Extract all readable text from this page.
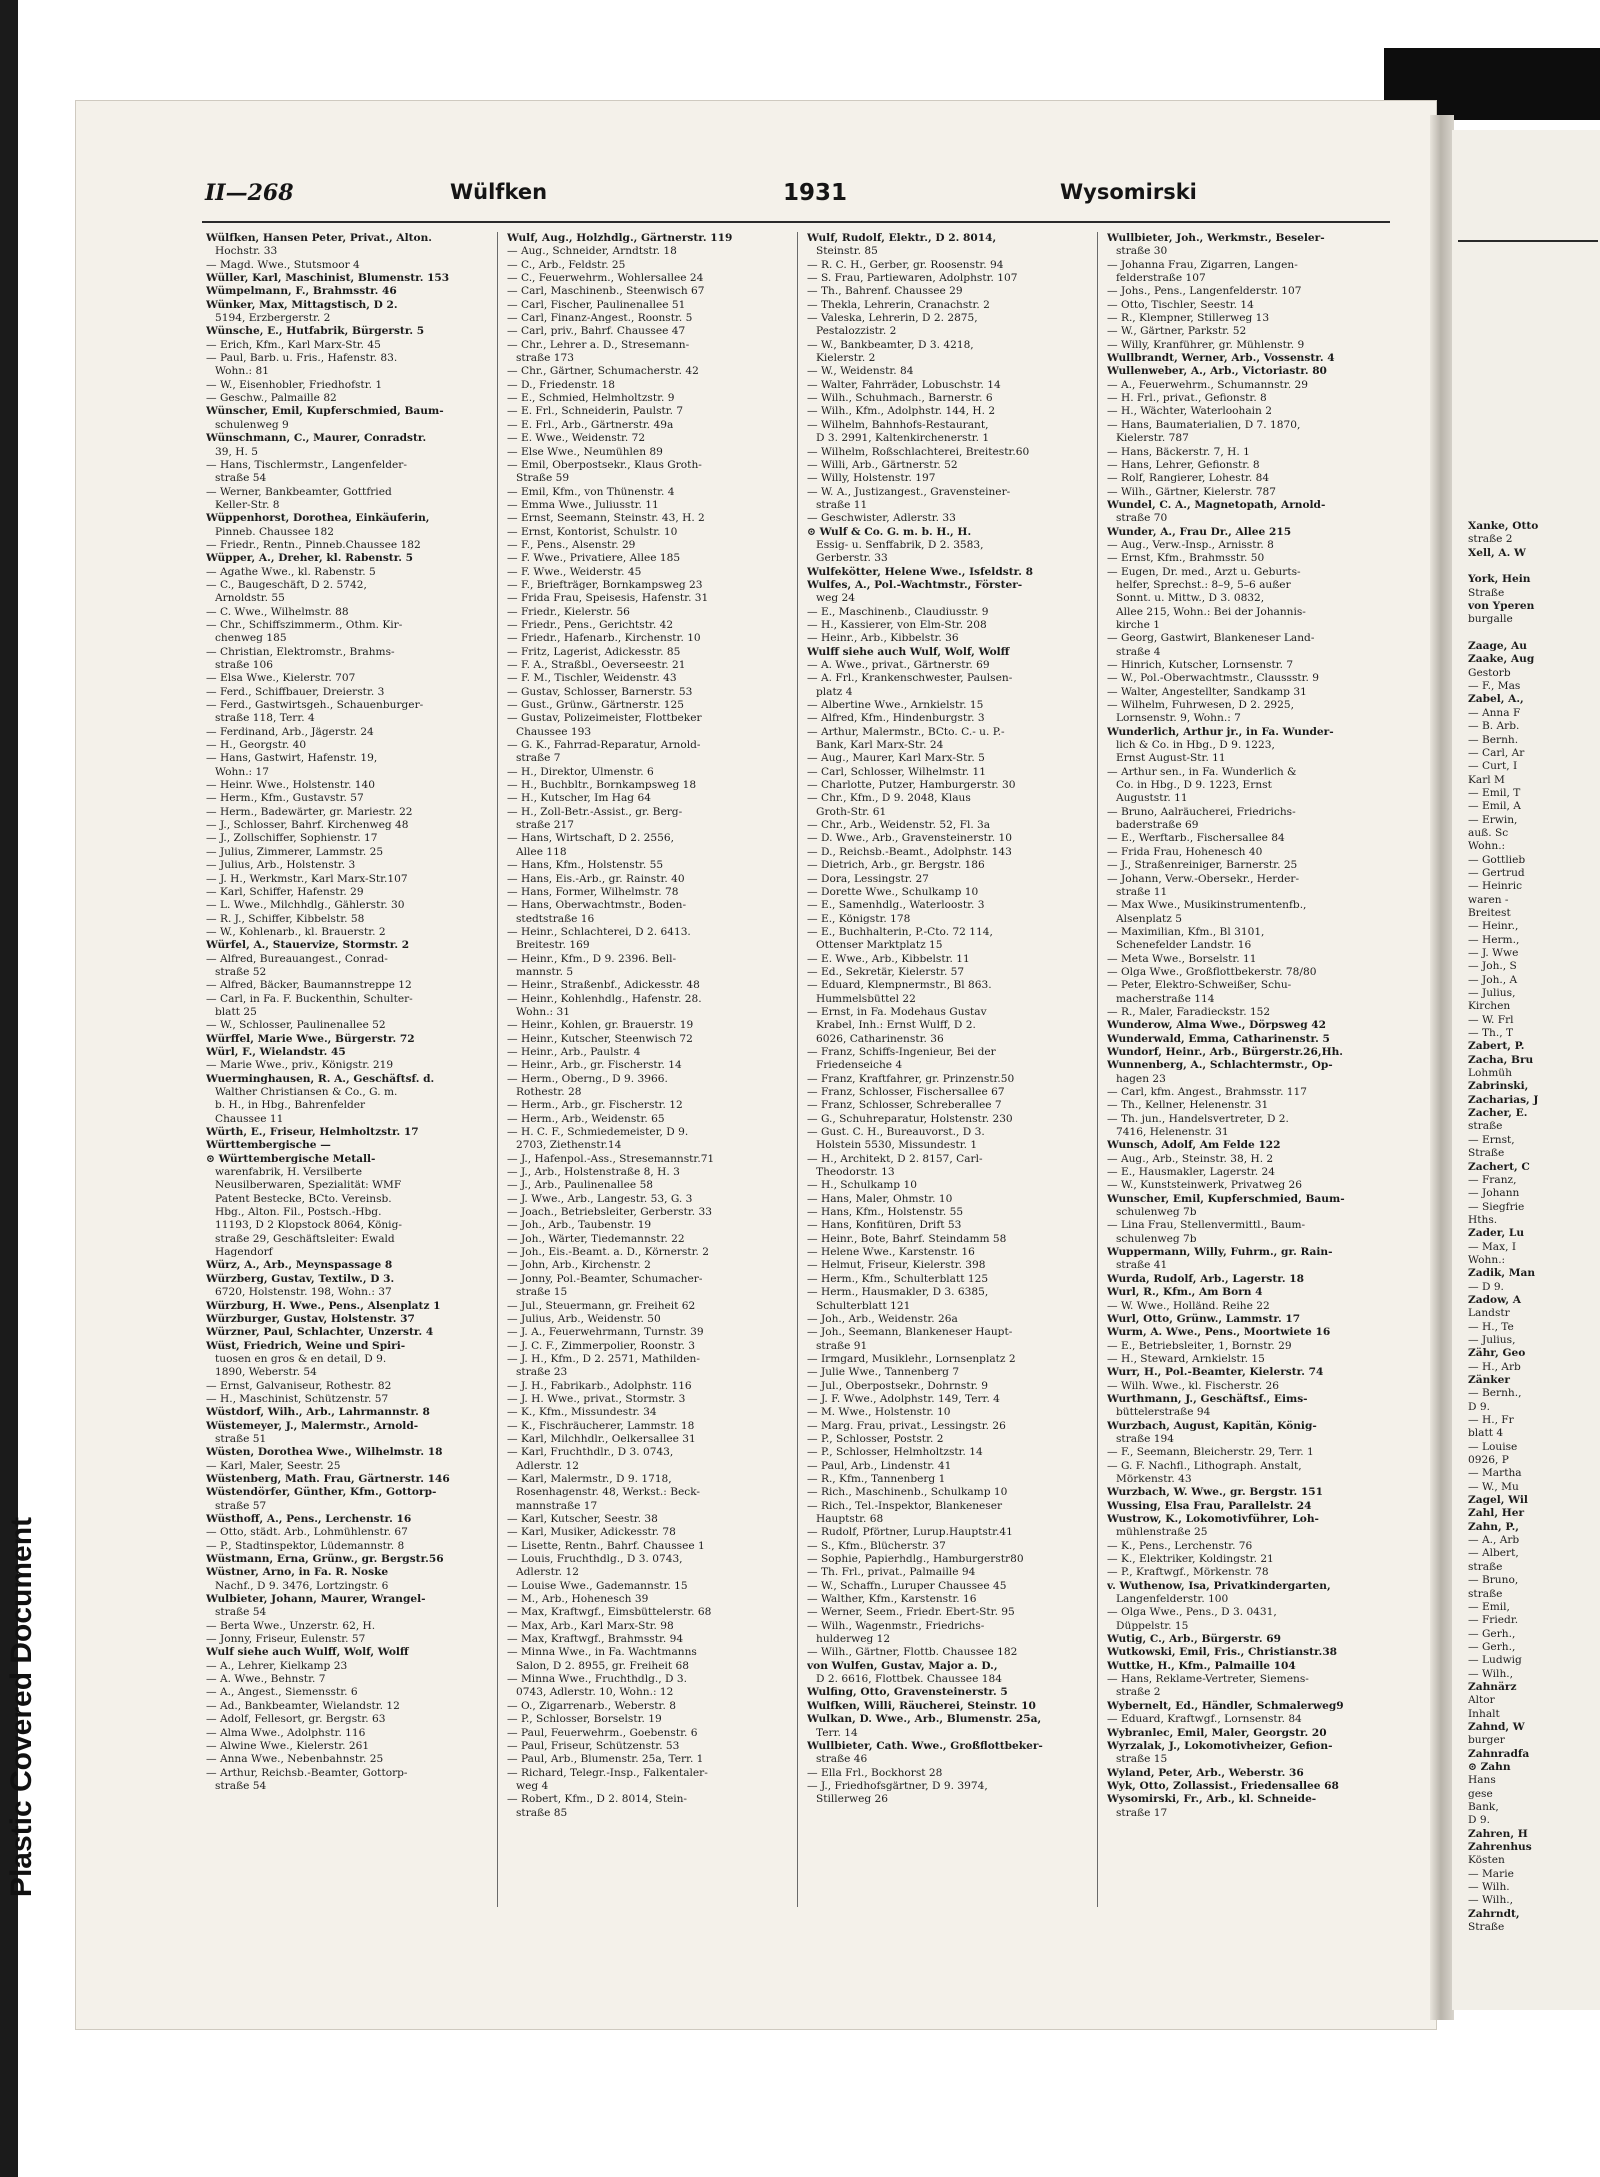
Plastic Covered Document
Xanke, Otto
straße 2
Xell, A. W

York, Hein
Straße
von Yperen
burgalle

Zaage, Au
Zaake, Aug
Gestorb
— F., Mas
Zabel, A.,
— Anna F
— B. Arb.
— Bernh.
— Carl, Ar
— Curt, I
Karl M
— Emil, T
— Emil, A
— Erwin,
auß. Sc
Wohn.:
— Gottlieb
— Gertrud
— Heinric
waren -
Breitest
— Heinr.,
— Herm.,
— J. Wwe
— Joh., S
— Joh., A
— Julius,
Kirchen
— W. Frl
— Th., T
Zabert, P.
Zacha, Bru
Lohmüh
Zabrinski,
Zacharias, J
Zacher, E.
straße
— Ernst,
Straße
Zachert, C
— Franz,
— Johann
— Siegfrie
Hths.
Zader, Lu
— Max, I
Wohn.:
Zadik, Man
— D 9.
Zadow, A
Landstr
— H., Te
— Julius,
Zähr, Geo
— H., Arb
Zänker
— Bernh.,
D 9.
— H., Fr
blatt 4
— Louise
0926, P
— Martha
— W., Mu
Zagel, Wil
Zahl, Her
Zahn, P.,
— A., Arb
— Albert,
straße
— Bruno,
straße
— Emil,
— Friedr.
— Gerh.,
— Gerh.,
— Ludwig
— Wilh.,
Zahnärz
Altor
Inhalt
Zahnd, W
burger
Zahnradfa
⊙ Zahn
Hans
gese
Bank,
D 9.
Zahren, H
Zahrenhus
Kösten
— Marie
— Wilh.
— Wilh.,
Zahrndt,
Straße
II—268	Wülfken	1931	Wysomirski
Wülfken, Hansen Peter, Privat., Alton.
Hochstr. 33
— Magd. Wwe., Stutsmoor 4
Wüller, Karl, Maschinist, Blumenstr. 153
Wümpelmann, F., Brahmsstr. 46
Wünker, Max, Mittagstisch, D 2.
5194, Erzbergerstr. 2
Wünsche, E., Hutfabrik, Bürgerstr. 5
— Erich, Kfm., Karl Marx-Str. 45
— Paul, Barb. u. Fris., Hafenstr. 83.
Wohn.: 81
— W., Eisenhobler, Friedhofstr. 1
— Geschw., Palmaille 82
Wünscher, Emil, Kupferschmied, Baum-
schulenweg 9
Wünschmann, C., Maurer, Conradstr.
39, H. 5
— Hans, Tischlermstr., Langenfelder-
straße 54
— Werner, Bankbeamter, Gottfried
Keller-Str. 8
Wüppenhorst, Dorothea, Einkäuferin,
Pinneb. Chaussee 182
— Friedr., Rentn., Pinneb.Chaussee 182
Wüpper, A., Dreher, kl. Rabenstr. 5
— Agathe Wwe., kl. Rabenstr. 5
— C., Baugeschäft, D 2. 5742,
Arnoldstr. 55
— C. Wwe., Wilhelmstr. 88
— Chr., Schiffszimmerm., Othm. Kir-
chenweg 185
— Christian, Elektromstr., Brahms-
straße 106
— Elsa Wwe., Kielerstr. 707
— Ferd., Schiffbauer, Dreierstr. 3
— Ferd., Gastwirtsgeh., Schauenburger-
straße 118, Terr. 4
— Ferdinand, Arb., Jägerstr. 24
— H., Georgstr. 40
— Hans, Gastwirt, Hafenstr. 19,
Wohn.: 17
— Heinr. Wwe., Holstenstr. 140
— Herm., Kfm., Gustavstr. 57
— Herm., Badewärter, gr. Mariestr. 22
— J., Schlosser, Bahrf. Kirchenweg 48
— J., Zollschiffer, Sophienstr. 17
— Julius, Zimmerer, Lammstr. 25
— Julius, Arb., Holstenstr. 3
— J. H., Werkmstr., Karl Marx-Str.107
— Karl, Schiffer, Hafenstr. 29
— L. Wwe., Milchhdlg., Gählerstr. 30
— R. J., Schiffer, Kibbelstr. 58
— W., Kohlenarb., kl. Brauerstr. 2
Würfel, A., Stauervize, Stormstr. 2
— Alfred, Bureauangest., Conrad-
straße 52
— Alfred, Bäcker, Baumannstreppe 12
— Carl, in Fa. F. Buckenthin, Schulter-
blatt 25
— W., Schlosser, Paulinenallee 52
Würffel, Marie Wwe., Bürgerstr. 72
Würl, F., Wielandstr. 45
— Marie Wwe., priv., Königstr. 219
Wuerminghausen, R. A., Geschäftsf. d.
Walther Christiansen & Co., G. m.
b. H., in Hbg., Bahrenfelder
Chaussee 11
Würth, E., Friseur, Helmholtzstr. 17
Württembergische —
⊙ Württembergische Metall-
warenfabrik, H. Versilberte
Neusilberwaren, Spezialität: WMF
Patent Bestecke, BCto. Vereinsb.
Hbg., Alton. Fil., Postsch.-Hbg.
11193, D 2 Klopstock 8064, König-
straße 29, Geschäftsleiter: Ewald
Hagendorf
Würz, A., Arb., Meynspassage 8
Würzberg, Gustav, Textilw., D 3.
6720, Holstenstr. 198, Wohn.: 37
Würzburg, H. Wwe., Pens., Alsenplatz 1
Würzburger, Gustav, Holstenstr. 37
Würzner, Paul, Schlachter, Unzerstr. 4
Wüst, Friedrich, Weine und Spiri-
tuosen en gros & en detail, D 9.
1890, Weberstr. 54
— Ernst, Galvaniseur, Rothestr. 82
— H., Maschinist, Schützenstr. 57
Wüstdorf, Wilh., Arb., Lahrmannstr. 8
Wüstemeyer, J., Malermstr., Arnold-
straße 51
Wüsten, Dorothea Wwe., Wilhelmstr. 18
— Karl, Maler, Seestr. 25
Wüstenberg, Math. Frau, Gärtnerstr. 146
Wüstendörfer, Günther, Kfm., Gottorp-
straße 57
Wüsthoff, A., Pens., Lerchenstr. 16
— Otto, städt. Arb., Lohmühlenstr. 67
— P., Stadtinspektor, Lüdemannstr. 8
Wüstmann, Erna, Grünw., gr. Bergstr.56
Wüstner, Arno, in Fa. R. Noske
Nachf., D 9. 3476, Lortzingstr. 6
Wulbieter, Johann, Maurer, Wrangel-
straße 54
— Berta Wwe., Unzerstr. 62, H.
— Jonny, Friseur, Eulenstr. 57
Wulf siehe auch Wulff, Wolf, Wolff
— A., Lehrer, Kielkamp 23
— A. Wwe., Behnstr. 7
— A., Angest., Siemensstr. 6
— Ad., Bankbeamter, Wielandstr. 12
— Adolf, Fellesort, gr. Bergstr. 63
— Alma Wwe., Adolphstr. 116
— Alwine Wwe., Kielerstr. 261
— Anna Wwe., Nebenbahnstr. 25
— Arthur, Reichsb.-Beamter, Gottorp-
straße 54
Wulf, Aug., Holzhdlg., Gärtnerstr. 119
— Aug., Schneider, Arndtstr. 18
— C., Arb., Feldstr. 25
— C., Feuerwehrm., Wohlersallee 24
— Carl, Maschinenb., Steenwisch 67
— Carl, Fischer, Paulinenallee 51
— Carl, Finanz-Angest., Roonstr. 5
— Carl, priv., Bahrf. Chaussee 47
— Chr., Lehrer a. D., Stresemann-
straße 173
— Chr., Gärtner, Schumacherstr. 42
— D., Friedenstr. 18
— E., Schmied, Helmholtzstr. 9
— E. Frl., Schneiderin, Paulstr. 7
— E. Frl., Arb., Gärtnerstr. 49a
— E. Wwe., Weidenstr. 72
— Else Wwe., Neumühlen 89
— Emil, Oberpostsekr., Klaus Groth-
Straße 59
— Emil, Kfm., von Thünenstr. 4
— Emma Wwe., Juliusstr. 11
— Ernst, Seemann, Steinstr. 43, H. 2
— Ernst, Kontorist, Schulstr. 10
— F., Pens., Alsenstr. 29
— F. Wwe., Privatiere, Allee 185
— F. Wwe., Weiderstr. 45
— F., Briefträger, Bornkampsweg 23
— Frida Frau, Speisesis, Hafenstr. 31
— Friedr., Kielerstr. 56
— Friedr., Pens., Gerichtstr. 42
— Friedr., Hafenarb., Kirchenstr. 10
— Fritz, Lagerist, Adickesstr. 85
— F. A., Straßbl., Oeverseestr. 21
— F. M., Tischler, Weidenstr. 43
— Gustav, Schlosser, Barnerstr. 53
— Gust., Grünw., Gärtnerstr. 125
— Gustav, Polizeimeister, Flottbeker
Chaussee 193
— G. K., Fahrrad-Reparatur, Arnold-
straße 7
— H., Direktor, Ulmenstr. 6
— H., Buchbltr., Bornkampsweg 18
— H., Kutscher, Im Hag 64
— H., Zoll-Betr.-Assist., gr. Berg-
straße 217
— Hans, Wirtschaft, D 2. 2556,
Allee 118
— Hans, Kfm., Holstenstr. 55
— Hans, Eis.-Arb., gr. Rainstr. 40
— Hans, Former, Wilhelmstr. 78
— Hans, Oberwachtmstr., Boden-
stedtstraße 16
— Heinr., Schlachterei, D 2. 6413.
Breitestr. 169
— Heinr., Kfm., D 9. 2396. Bell-
mannstr. 5
— Heinr., Straßenbf., Adickesstr. 48
— Heinr., Kohlenhdlg., Hafenstr. 28.
Wohn.: 31
— Heinr., Kohlen, gr. Brauerstr. 19
— Heinr., Kutscher, Steenwisch 72
— Heinr., Arb., Paulstr. 4
— Heinr., Arb., gr. Fischerstr. 14
— Herm., Oberng., D 9. 3966.
Rothestr. 28
— Herm., Arb., gr. Fischerstr. 12
— Herm., Arb., Weidenstr. 65
— H. C. F., Schmiedemeister, D 9.
2703, Ziethenstr.14
— J., Hafenpol.-Ass., Stresemannstr.71
— J., Arb., Holstenstraße 8, H. 3
— J., Arb., Paulinenallee 58
— J. Wwe., Arb., Langestr. 53, G. 3
— Joach., Betriebsleiter, Gerberstr. 33
— Joh., Arb., Taubenstr. 19
— Joh., Wärter, Tiedemannstr. 22
— Joh., Eis.-Beamt. a. D., Körnerstr. 2
— John, Arb., Kirchenstr. 2
— Jonny, Pol.-Beamter, Schumacher-
straße 15
— Jul., Steuermann, gr. Freiheit 62
— Julius, Arb., Weidenstr. 50
— J. A., Feuerwehrmann, Turnstr. 39
— J. C. F., Zimmerpolier, Roonstr. 3
— J. H., Kfm., D 2. 2571, Mathilden-
straße 23
— J. H., Fabrikarb., Adolphstr. 116
— J. H. Wwe., privat., Stormstr. 3
— K., Kfm., Missundestr. 34
— K., Fischräucherer, Lammstr. 18
— Karl, Milchhdlr., Oelkersallee 31
— Karl, Fruchthdlr., D 3. 0743,
Adlerstr. 12
— Karl, Malermstr., D 9. 1718,
Rosenhagenstr. 48, Werkst.: Beck-
mannstraße 17
— Karl, Kutscher, Seestr. 38
— Karl, Musiker, Adickesstr. 78
— Lisette, Rentn., Bahrf. Chaussee 1
— Louis, Fruchthdlg., D 3. 0743,
Adlerstr. 12
— Louise Wwe., Gademannstr. 15
— M., Arb., Hohenesch 39
— Max, Kraftwgf., Eimsbüttelerstr. 68
— Max, Arb., Karl Marx-Str. 98
— Max, Kraftwgf., Brahmsstr. 94
— Minna Wwe., in Fa. Wachtmanns
Salon, D 2. 8955, gr. Freiheit 68
— Minna Wwe., Fruchthdlg., D 3.
0743, Adlerstr. 10, Wohn.: 12
— O., Zigarrenarb., Weberstr. 8
— P., Schlosser, Borselstr. 19
— Paul, Feuerwehrm., Goebenstr. 6
— Paul, Friseur, Schützenstr. 53
— Paul, Arb., Blumenstr. 25a, Terr. 1
— Richard, Telegr.-Insp., Falkentaler-
weg 4
— Robert, Kfm., D 2. 8014, Stein-
straße 85
Wulf, Rudolf, Elektr., D 2. 8014,
Steinstr. 85
— R. C. H., Gerber, gr. Roosenstr. 94
— S. Frau, Partiewaren, Adolphstr. 107
— Th., Bahrenf. Chaussee 29
— Thekla, Lehrerin, Cranachstr. 2
— Valeska, Lehrerin, D 2. 2875,
Pestalozzistr. 2
— W., Bankbeamter, D 3. 4218,
Kielerstr. 2
— W., Weidenstr. 84
— Walter, Fahrräder, Lobuschstr. 14
— Wilh., Schuhmach., Barnerstr. 6
— Wilh., Kfm., Adolphstr. 144, H. 2
— Wilhelm, Bahnhofs-Restaurant,
D 3. 2991, Kaltenkirchenerstr. 1
— Wilhelm, Roßschlachterei, Breitestr.60
— Willi, Arb., Gärtnerstr. 52
— Willy, Holstenstr. 197
— W. A., Justizangest., Gravensteiner-
straße 11
— Geschwister, Adlerstr. 33
⊙ Wulf & Co. G. m. b. H., H.
Essig- u. Senffabrik, D 2. 3583,
Gerberstr. 33
Wulfekötter, Helene Wwe., Isfeldstr. 8
Wulfes, A., Pol.-Wachtmstr., Förster-
weg 24
— E., Maschinenb., Claudiusstr. 9
— H., Kassierer, von Elm-Str. 208
— Heinr., Arb., Kibbelstr. 36
Wulff siehe auch Wulf, Wolf, Wolff
— A. Wwe., privat., Gärtnerstr. 69
— A. Frl., Krankenschwester, Paulsen-
platz 4
— Albertine Wwe., Arnkielstr. 15
— Alfred, Kfm., Hindenburgstr. 3
— Arthur, Malermstr., BCto. C.- u. P.-
Bank, Karl Marx-Str. 24
— Aug., Maurer, Karl Marx-Str. 5
— Carl, Schlosser, Wilhelmstr. 11
— Charlotte, Putzer, Hamburgerstr. 30
— Chr., Kfm., D 9. 2048, Klaus
Groth-Str. 61
— Chr., Arb., Weidenstr. 52, Fl. 3a
— D. Wwe., Arb., Gravensteinerstr. 10
— D., Reichsb.-Beamt., Adolphstr. 143
— Dietrich, Arb., gr. Bergstr. 186
— Dora, Lessingstr. 27
— Dorette Wwe., Schulkamp 10
— E., Samenhdlg., Waterloostr. 3
— E., Königstr. 178
— E., Buchhalterin, P.-Cto. 72 114,
Ottenser Marktplatz 15
— E. Wwe., Arb., Kibbelstr. 11
— Ed., Sekretär, Kielerstr. 57
— Eduard, Klempnermstr., Bl 863.
Hummelsbüttel 22
— Ernst, in Fa. Modehaus Gustav
Krabel, Inh.: Ernst Wulff, D 2.
6026, Catharinenstr. 36
— Franz, Schiffs-Ingenieur, Bei der
Friedenseiche 4
— Franz, Kraftfahrer, gr. Prinzenstr.50
— Franz, Schlosser, Fischersallee 67
— Franz, Schlosser, Schreberallee 7
— G., Schuhreparatur, Holstenstr. 230
— Gust. C. H., Bureauvorst., D 3.
Holstein 5530, Missundestr. 1
— H., Architekt, D 2. 8157, Carl-
Theodorstr. 13
— H., Schulkamp 10
— Hans, Maler, Ohmstr. 10
— Hans, Kfm., Holstenstr. 55
— Hans, Konfitüren, Drift 53
— Heinr., Bote, Bahrf. Steindamm 58
— Helene Wwe., Karstenstr. 16
— Helmut, Friseur, Kielerstr. 398
— Herm., Kfm., Schulterblatt 125
— Herm., Hausmakler, D 3. 6385,
Schulterblatt 121
— Joh., Arb., Weidenstr. 26a
— Joh., Seemann, Blankeneser Haupt-
straße 91
— Irmgard, Musiklehr., Lornsenplatz 2
— Julie Wwe., Tannenberg 7
— Jul., Oberpostsekr., Dohrnstr. 9
— J. F. Wwe., Adolphstr. 149, Terr. 4
— M. Wwe., Holstenstr. 10
— Marg. Frau, privat., Lessingstr. 26
— P., Schlosser, Poststr. 2
— P., Schlosser, Helmholtzstr. 14
— Paul, Arb., Lindenstr. 41
— R., Kfm., Tannenberg 1
— Rich., Maschinenb., Schulkamp 10
— Rich., Tel.-Inspektor, Blankeneser
Hauptstr. 68
— Rudolf, Pförtner, Lurup.Hauptstr.41
— S., Kfm., Blücherstr. 37
— Sophie, Papierhdlg., Hamburgerstr80
— Th. Frl., privat., Palmaille 94
— W., Schaffn., Luruper Chaussee 45
— Walther, Kfm., Karstenstr. 16
— Werner, Seem., Friedr. Ebert-Str. 95
— Wilh., Wagenmstr., Friedrichs-
hulderweg 12
— Wilh., Gärtner, Flottb. Chaussee 182
von Wulfen, Gustav, Major a. D.,
D 2. 6616, Flottbek. Chaussee 184
Wulfing, Otto, Gravensteinerstr. 5
Wulfken, Willi, Räucherei, Steinstr. 10
Wulkan, D. Wwe., Arb., Blumenstr. 25a,
Terr. 14
Wullbieter, Cath. Wwe., Großflottbeker-
straße 46
— Ella Frl., Bockhorst 28
— J., Friedhofsgärtner, D 9. 3974,
Stillerweg 26
Wullbieter, Joh., Werkmstr., Beseler-
straße 30
— Johanna Frau, Zigarren, Langen-
felderstraße 107
— Johs., Pens., Langenfelderstr. 107
— Otto, Tischler, Seestr. 14
— R., Klempner, Stillerweg 13
— W., Gärtner, Parkstr. 52
— Willy, Kranführer, gr. Mühlenstr. 9
Wullbrandt, Werner, Arb., Vossenstr. 4
Wullenweber, A., Arb., Victoriastr. 80
— A., Feuerwehrm., Schumannstr. 29
— H. Frl., privat., Gefionstr. 8
— H., Wächter, Waterloohain 2
— Hans, Baumaterialien, D 7. 1870,
Kielerstr. 787
— Hans, Bäckerstr. 7, H. 1
— Hans, Lehrer, Gefionstr. 8
— Rolf, Rangierer, Lohestr. 84
— Wilh., Gärtner, Kielerstr. 787
Wundel, C. A., Magnetopath, Arnold-
straße 70
Wunder, A., Frau Dr., Allee 215
— Aug., Verw.-Insp., Arnisstr. 8
— Ernst, Kfm., Brahmsstr. 50
— Eugen, Dr. med., Arzt u. Geburts-
helfer, Sprechst.: 8–9, 5–6 außer
Sonnt. u. Mittw., D 3. 0832,
Allee 215, Wohn.: Bei der Johannis-
kirche 1
— Georg, Gastwirt, Blankeneser Land-
straße 4
— Hinrich, Kutscher, Lornsenstr. 7
— W., Pol.-Oberwachtmstr., Claussstr. 9
— Walter, Angestellter, Sandkamp 31
— Wilhelm, Fuhrwesen, D 2. 2925,
Lornsenstr. 9, Wohn.: 7
Wunderlich, Arthur jr., in Fa. Wunder-
lich & Co. in Hbg., D 9. 1223,
Ernst August-Str. 11
— Arthur sen., in Fa. Wunderlich &
Co. in Hbg., D 9. 1223, Ernst
Auguststr. 11
— Bruno, Aalräucherei, Friedrichs-
baderstraße 69
— E., Werftarb., Fischersallee 84
— Frida Frau, Hohenesch 40
— J., Straßenreiniger, Barnerstr. 25
— Johann, Verw.-Obersekr., Herder-
straße 11
— Max Wwe., Musikinstrumentenfb.,
Alsenplatz 5
— Maximilian, Kfm., Bl 3101,
Schenefelder Landstr. 16
— Meta Wwe., Borselstr. 11
— Olga Wwe., Großflottbekerstr. 78/80
— Peter, Elektro-Schweißer, Schu-
macherstraße 114
— R., Maler, Faradieckstr. 152
Wunderow, Alma Wwe., Dörpsweg 42
Wunderwald, Emma, Catharinenstr. 5
Wundorf, Heinr., Arb., Bürgerstr.26,Hh.
Wunnenberg, A., Schlachtermstr., Op-
hagen 23
— Carl, kfm. Angest., Brahmsstr. 117
— Th., Kellner, Helenenstr. 31
— Th. jun., Handelsvertreter, D 2.
7416, Helenenstr. 31
Wunsch, Adolf, Am Felde 122
— Aug., Arb., Steinstr. 38, H. 2
— E., Hausmakler, Lagerstr. 24
— W., Kunststeinwerk, Privatweg 26
Wunscher, Emil, Kupferschmied, Baum-
schulenweg 7b
— Lina Frau, Stellenvermittl., Baum-
schulenweg 7b
Wuppermann, Willy, Fuhrm., gr. Rain-
straße 41
Wurda, Rudolf, Arb., Lagerstr. 18
Wurl, R., Kfm., Am Born 4
— W. Wwe., Holländ. Reihe 22
Wurl, Otto, Grünw., Lammstr. 17
Wurm, A. Wwe., Pens., Moortwiete 16
— E., Betriebsleiter, 1, Bornstr. 29
— H., Steward, Arnkielstr. 15
Wurr, H., Pol.-Beamter, Kielerstr. 74
— Wilh. Wwe., kl. Fischerstr. 26
Wurthmann, J., Geschäftsf., Eims-
büttelerstraße 94
Wurzbach, August, Kapitän, König-
straße 194
— F., Seemann, Bleicherstr. 29, Terr. 1
— G. F. Nachfl., Lithograph. Anstalt,
Mörkenstr. 43
Wurzbach, W. Wwe., gr. Bergstr. 151
Wussing, Elsa Frau, Parallelstr. 24
Wustrow, K., Lokomotivführer, Loh-
mühlenstraße 25
— K., Pens., Lerchenstr. 76
— K., Elektriker, Koldingstr. 21
— P., Kraftwgf., Mörkenstr. 78
v. Wuthenow, Isa, Privatkindergarten,
Langenfelderstr. 100
— Olga Wwe., Pens., D 3. 0431,
Düppelstr. 15
Wutig, C., Arb., Bürgerstr. 69
Wutkowski, Emil, Fris., Christianstr.38
Wuttke, H., Kfm., Palmaille 104
— Hans, Reklame-Vertreter, Siemens-
straße 2
Wybernelt, Ed., Händler, Schmalerweg9
— Eduard, Kraftwgf., Lornsenstr. 84
Wybranlec, Emil, Maler, Georgstr. 20
Wyrzalak, J., Lokomotivheizer, Gefion-
straße 15
Wyland, Peter, Arb., Weberstr. 36
Wyk, Otto, Zollassist., Friedensallee 68
Wysomirski, Fr., Arb., kl. Schneide-
straße 17
